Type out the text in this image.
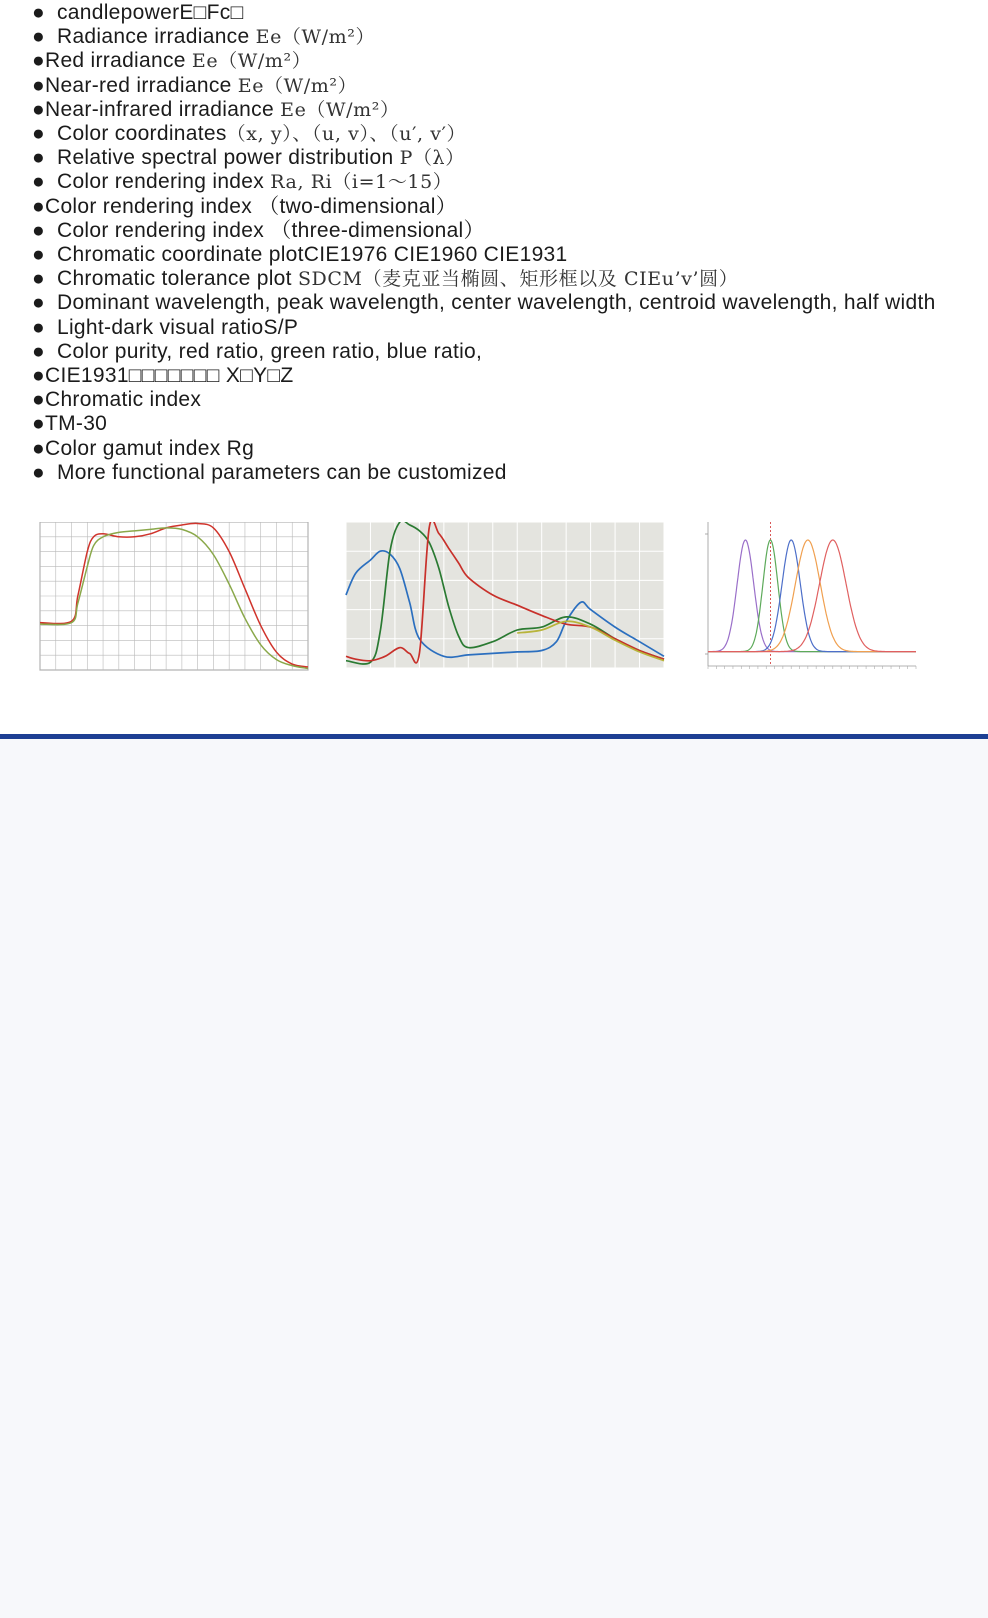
● candlepowerE□Fc□
● Radiance irradiance Ee（W/m²）
●Red irradiance Ee（W/m²）
●Near-red irradiance Ee（W/m²）
●Near-infrared irradiance Ee（W/m²）
● Color coordinates（x, y）、（u, v）、（u′, v′）
● Relative spectral power distribution P（λ）
● Color rendering index Ra, Ri（i=1～15）
●Color rendering index （two-dimensional）
● Color rendering index （three-dimensional）
● Chromatic coordinate plotCIE1976 CIE1960 CIE1931
● Chromatic tolerance plot SDCM（麦克亚当椭圆、矩形框以及 CIEu’v’圆）
● Dominant wavelength, peak wavelength, center wavelength, centroid wavelength, half width
● Light-dark visual ratioS/P
● Color purity, red ratio, green ratio, blue ratio,
●CIE1931□□□□□□□ X□Y□Z
●Chromatic index
●TM-30
●Color gamut index Rg
● More functional parameters can be customized
